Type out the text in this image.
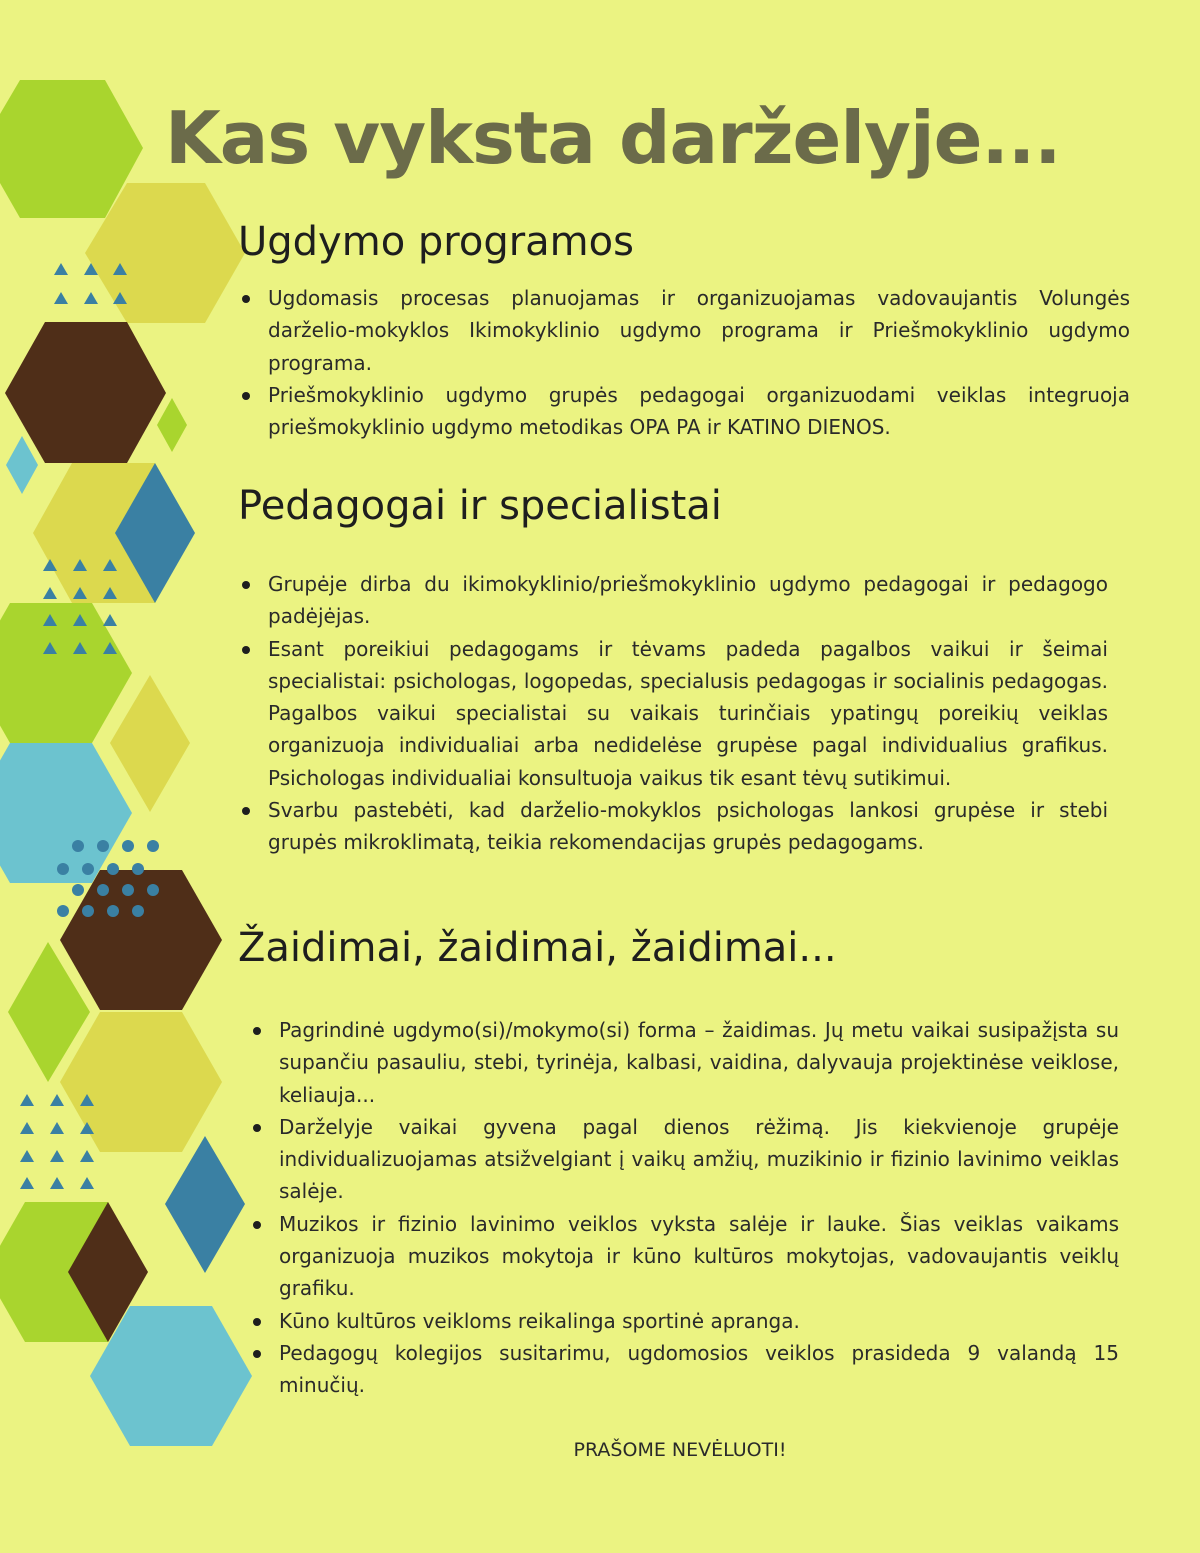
Kas vyksta darželyje...
Ugdymo programos
Ugdomasis procesas planuojamas ir organizuojamas vadovaujantis Volungės darželio-mokyklos Ikimokyklinio ugdymo programa ir Priešmokyklinio ugdymo programa.
Priešmokyklinio ugdymo grupės pedagogai organizuodami veiklas integruoja priešmokyklinio ugdymo metodikas OPA PA ir KATINO DIENOS.
Pedagogai ir specialistai
Grupėje dirba du ikimokyklinio/priešmokyklinio ugdymo pedagogai ir pedagogo padėjėjas.
Esant poreikiui pedagogams ir tėvams padeda pagalbos vaikui ir šeimai specialistai: psichologas, logopedas, specialusis pedagogas ir socialinis pedagogas. Pagalbos vaikui specialistai su vaikais turinčiais ypatingų poreikių veiklas organizuoja individualiai arba nedidelėse grupėse pagal individualius grafikus. Psichologas individualiai konsultuoja vaikus tik esant tėvų sutikimui.
Svarbu pastebėti, kad darželio-mokyklos psichologas lankosi grupėse ir stebi grupės mikroklimatą, teikia rekomendacijas grupės pedagogams.
Žaidimai, žaidimai, žaidimai...
Pagrindinė ugdymo(si)/mokymo(si) forma – žaidimas. Jų metu vaikai susipažįsta su supančiu pasauliu, stebi, tyrinėja, kalbasi, vaidina, dalyvauja projektinėse veiklose, keliauja...
Darželyje vaikai gyvena pagal dienos rėžimą. Jis kiekvienoje grupėje individualizuojamas atsižvelgiant į vaikų amžių, muzikinio ir fizinio lavinimo veiklas salėje.
Muzikos ir fizinio lavinimo veiklos vyksta salėje ir lauke. Šias veiklas vaikams organizuoja muzikos mokytoja ir kūno kultūros mokytojas, vadovaujantis veiklų grafiku.
Kūno kultūros veikloms reikalinga sportinė apranga.
Pedagogų kolegijos susitarimu, ugdomosios veiklos prasideda 9 valandą 15 minučių.
PRAŠOME NEVĖLUOTI!
